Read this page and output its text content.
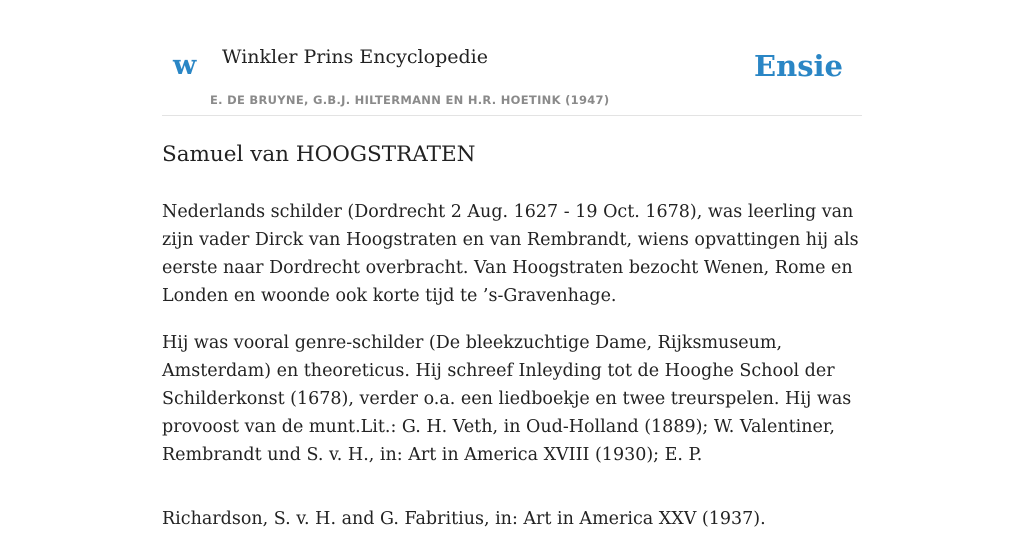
w Winkler Prins Encyclopedie
E. DE BRUYNE, G.B.J. HILTERMANN EN H.R. HOETINK (1947)
Ensie
Samuel van HOOGSTRATEN

Nederlands schilder (Dordrecht 2 Aug. 1627 - 19 Oct. 1678), was leerling van zijn vader Dirck van Hoogstraten en van Rembrandt, wiens opvattingen hij als eerste naar Dordrecht overbracht. Van Hoogstraten bezocht Wenen, Rome en Londen en woonde ook korte tijd te ’s-Gravenhage.

Hij was vooral genre-schilder (De bleekzuchtige Dame, Rijksmuseum, Amsterdam) en theoreticus. Hij schreef Inleyding tot de Hooghe School der Schilderkonst (1678), verder o.a. een liedboekje en twee treurspelen. Hij was provoost van de munt.Lit.: G. H. Veth, in Oud-Holland (1889); W. Valentiner, Rembrandt und S. v. H., in: Art in America XVIII (1930); E. P.

Richardson, S. v. H. and G. Fabritius, in: Art in America XXV (1937).
